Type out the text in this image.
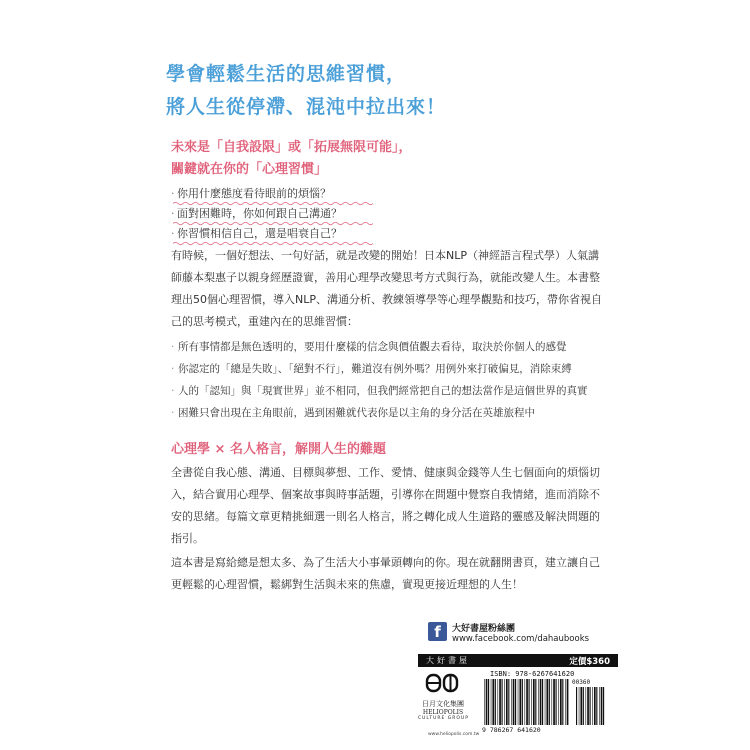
學會輕鬆生活的思維習慣，
將人生從停滯、混沌中拉出來！
未來是「自我設限」或「拓展無限可能」，
關鍵就在你的「心理習慣」
· 你用什麼態度看待眼前的煩惱？
· 面對困難時，你如何跟自己溝通？
· 你習慣相信自己，還是唱衰自己？
有時候，一個好想法、一句好話，就是改變的開始！日本NLP（神經語言程式學）人氣講
師藤本梨惠子以親身經歷證實，善用心理學改變思考方式與行為，就能改變人生。本書整
理出50個心理習慣，導入NLP、溝通分析、教練領導學等心理學觀點和技巧，帶你省視自
己的思考模式，重建內在的思維習慣：
· 所有事情都是無色透明的，要用什麼樣的信念與價值觀去看待，取決於你個人的感覺
· 你認定的「總是失敗」、「絕對不行」，難道沒有例外嗎？用例外來打破偏見，消除束縛
· 人的「認知」與「現實世界」並不相同，但我們經常把自己的想法當作是這個世界的真實
· 困難只會出現在主角眼前，遇到困難就代表你是以主角的身分活在英雄旅程中
心理學 × 名人格言，解開人生的難題
全書從自我心態、溝通、目標與夢想、工作、愛情、健康與金錢等人生七個面向的煩惱切
入，結合實用心理學、個案故事與時事話題，引導你在問題中覺察自我情緒，進而消除不
安的思緒。每篇文章更精挑細選一則名人格言，將之轉化成人生道路的靈感及解決問題的
指引。
這本書是寫給總是想太多、為了生活大小事暈頭轉向的你。現在就翻開書頁，建立讓自己
更輕鬆的心理習慣，鬆綁對生活與未來的焦慮，實現更接近理想的人生！
f	大好書屋粉絲團
www.facebook.com/dahaubooks
大好書屋	定價$360
日月文化集團
HELIOPOLIS
CULTURE GROUP
www.heliopolis.com.tw
ISBN: 978-6267641620
00360
9 786267 641620
